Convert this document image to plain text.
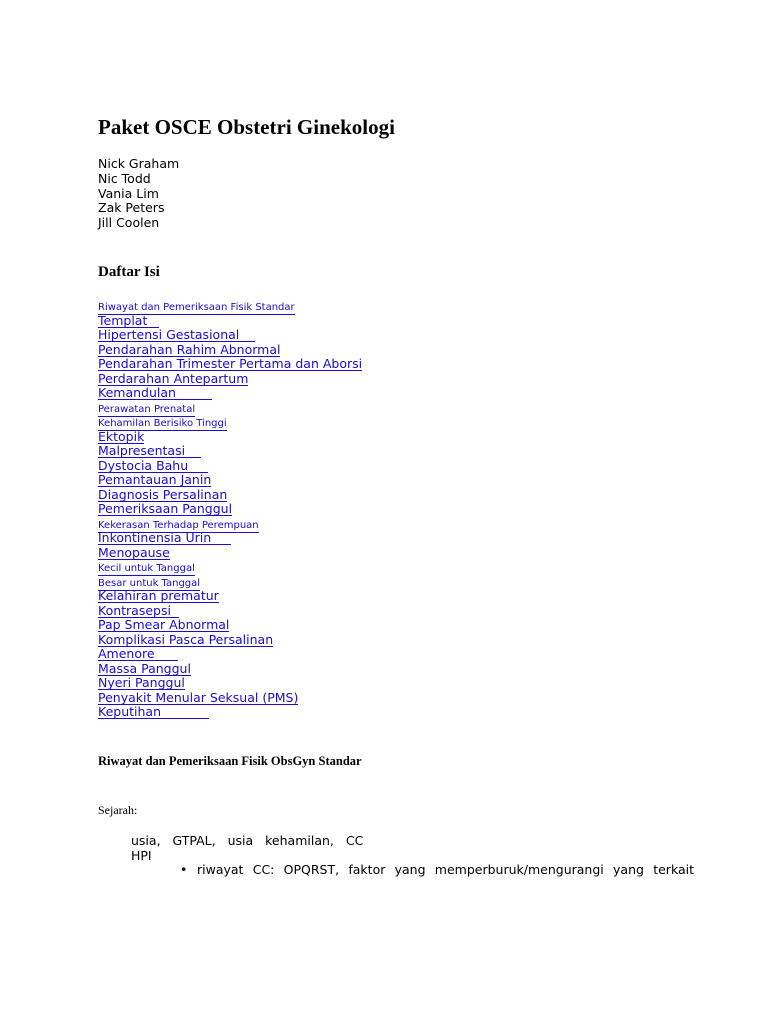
Paket OSCE Obstetri Ginekologi
Nick Graham
Nic Todd
Vania Lim
Zak Peters
Jill Coolen
Daftar Isi
Riwayat dan Pemeriksaan Fisik Standar
Templat
Hipertensi Gestasional
Pendarahan Rahim Abnormal
Pendarahan Trimester Pertama dan Aborsi
Perdarahan Antepartum
Kemandulan
Perawatan Prenatal
Kehamilan Berisiko Tinggi
Ektopik
Malpresentasi
Dystocia Bahu
Pemantauan Janin
Diagnosis Persalinan
Pemeriksaan Panggul
Kekerasan Terhadap Perempuan
Inkontinensia Urin
Menopause
Kecil untuk Tanggal
Besar untuk Tanggal
Kelahiran prematur
Kontrasepsi
Pap Smear Abnormal
Komplikasi Pasca Persalinan
Amenore
Massa Panggul
Nyeri Panggul
Penyakit Menular Seksual (PMS)
Keputihan
Riwayat dan Pemeriksaan Fisik ObsGyn Standar
Sejarah:
usia, GTPAL, usia kehamilan, CC
HPI
• riwayat CC: OPQRST, faktor yang memperburuk/mengurangi yang terkait
